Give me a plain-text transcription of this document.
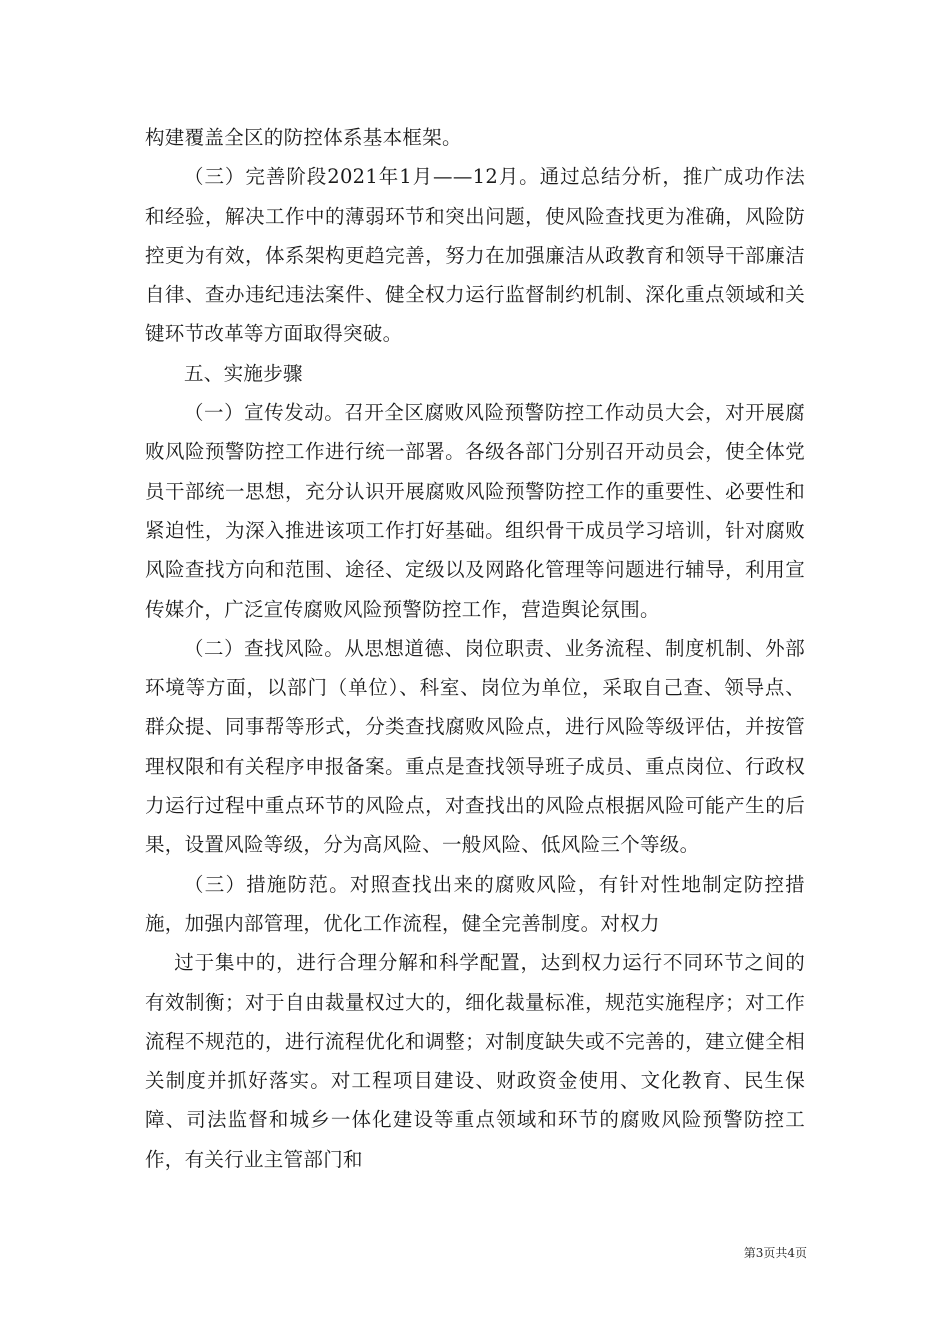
构建覆盖全区的防控体系基本框架。

（三）完善阶段2021年1月——12月。通过总结分析，推广成功作法和经验，解决工作中的薄弱环节和突出问题，使风险查找更为准确，风险防控更为有效，体系架构更趋完善，努力在加强廉洁从政教育和领导干部廉洁自律、查办违纪违法案件、健全权力运行监督制约机制、深化重点领域和关键环节改革等方面取得突破。

五、实施步骤

（一）宣传发动。召开全区腐败风险预警防控工作动员大会，对开展腐败风险预警防控工作进行统一部署。各级各部门分别召开动员会，使全体党员干部统一思想，充分认识开展腐败风险预警防控工作的重要性、必要性和紧迫性，为深入推进该项工作打好基础。组织骨干成员学习培训，针对腐败风险查找方向和范围、途径、定级以及网路化管理等问题进行辅导，利用宣传媒介，广泛宣传腐败风险预警防控工作，营造舆论氛围。

（二）查找风险。从思想道德、岗位职责、业务流程、制度机制、外部环境等方面，以部门（单位）、科室、岗位为单位，采取自己查、领导点、群众提、同事帮等形式，分类查找腐败风险点，进行风险等级评估，并按管理权限和有关程序申报备案。重点是查找领导班子成员、重点岗位、行政权力运行过程中重点环节的风险点，对查找出的风险点根据风险可能产生的后果，设置风险等级，分为高风险、一般风险、低风险三个等级。

（三）措施防范。对照查找出来的腐败风险，有针对性地制定防控措施，加强内部管理，优化工作流程，健全完善制度。对权力

过于集中的，进行合理分解和科学配置，达到权力运行不同环节之间的有效制衡；对于自由裁量权过大的，细化裁量标准，规范实施程序；对工作流程不规范的，进行流程优化和调整；对制度缺失或不完善的，建立健全相关制度并抓好落实。对工程项目建设、财政资金使用、文化教育、民生保障、司法监督和城乡一体化建设等重点领域和环节的腐败风险预警防控工作，有关行业主管部门和

第3页共4页
